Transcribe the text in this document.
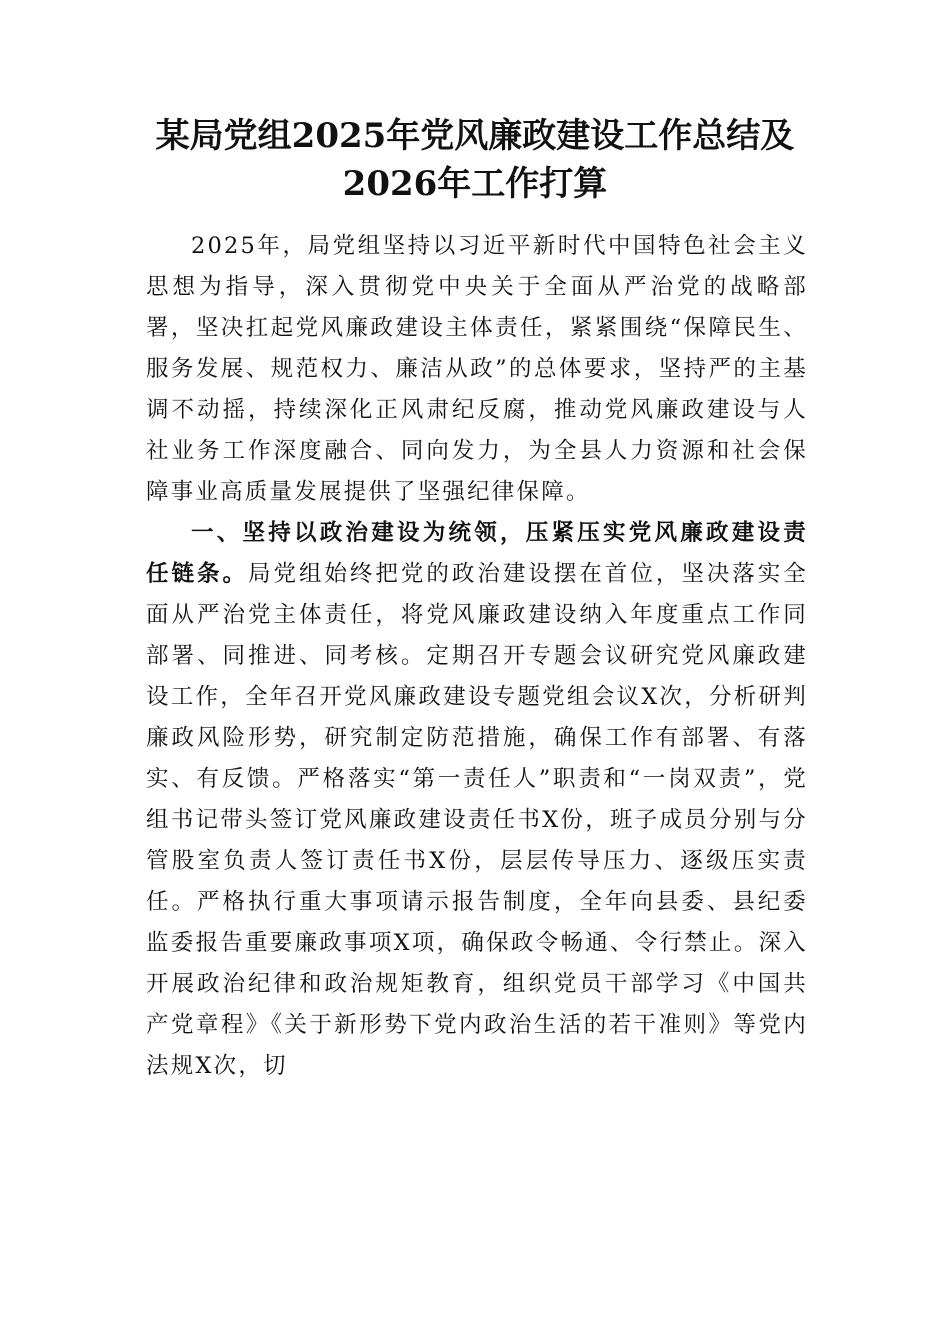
某局党组2025年党风廉政建设工作总结及
2026年工作打算

2025年，局党组坚持以习近平新时代中国特色社会主义思想为指导，深入贯彻党中央关于全面从严治党的战略部署，坚决扛起党风廉政建设主体责任，紧紧围绕“保障民生、服务发展、规范权力、廉洁从政”的总体要求，坚持严的主基调不动摇，持续深化正风肃纪反腐，推动党风廉政建设与人社业务工作深度融合、同向发力，为全县人力资源和社会保障事业高质量发展提供了坚强纪律保障。

一、坚持以政治建设为统领，压紧压实党风廉政建设责任链条。局党组始终把党的政治建设摆在首位，坚决落实全面从严治党主体责任，将党风廉政建设纳入年度重点工作同部署、同推进、同考核。定期召开专题会议研究党风廉政建设工作，全年召开党风廉政建设专题党组会议X次，分析研判廉政风险形势，研究制定防范措施，确保工作有部署、有落实、有反馈。严格落实“第一责任人”职责和“一岗双责”，党组书记带头签订党风廉政建设责任书X份，班子成员分别与分管股室负责人签订责任书X份，层层传导压力、逐级压实责任。严格执行重大事项请示报告制度，全年向县委、县纪委监委报告重要廉政事项X项，确保政令畅通、令行禁止。深入开展政治纪律和政治规矩教育，组织党员干部学习《中国共产党章程》《关于新形势下党内政治生活的若干准则》等党内法规X次，切
